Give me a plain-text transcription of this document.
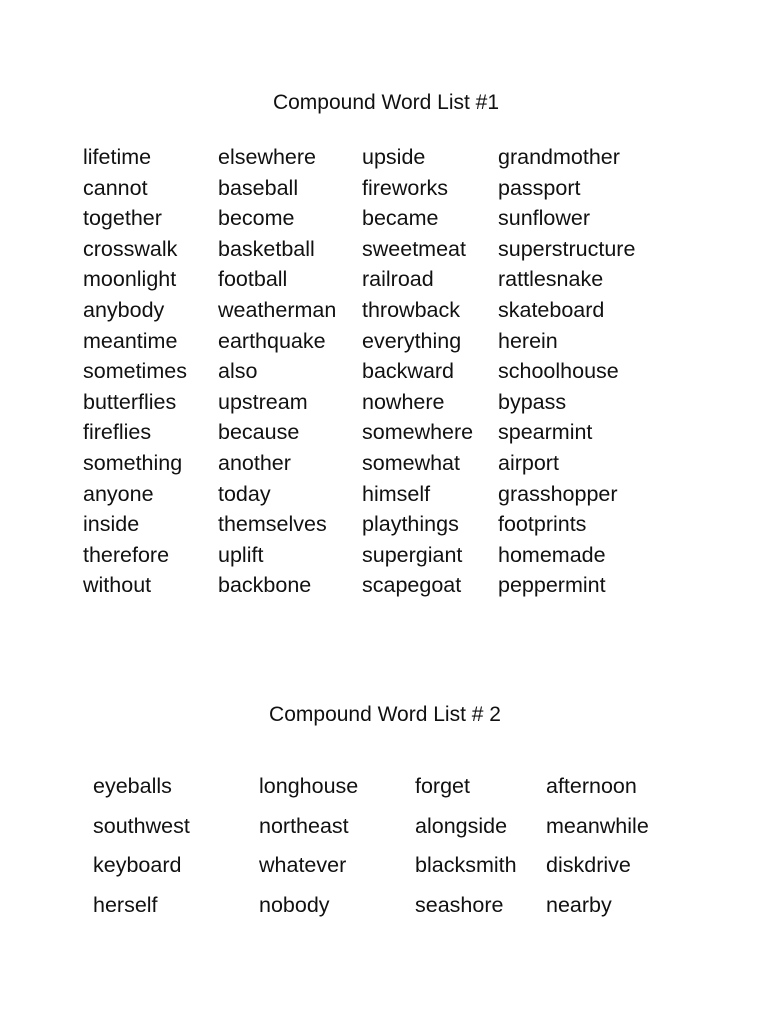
Compound Word List #1
lifetime
cannot
together
crosswalk
moonlight
anybody
meantime
sometimes
butterflies
fireflies
something
anyone
inside
therefore
without
elsewhere
baseball
become
basketball
football
weatherman
earthquake
also
upstream
because
another
today
themselves
uplift
backbone
upside
fireworks
became
sweetmeat
railroad
throwback
everything
backward
nowhere
somewhere
somewhat
himself
playthings
supergiant
scapegoat
grandmother
passport
sunflower
superstructure
rattlesnake
skateboard
herein
schoolhouse
bypass
spearmint
airport
grasshopper
footprints
homemade
peppermint
Compound Word List # 2
eyeballs
southwest
keyboard
herself
longhouse
northeast
whatever
nobody
forget
alongside
blacksmith
seashore
afternoon
meanwhile
diskdrive
nearby
